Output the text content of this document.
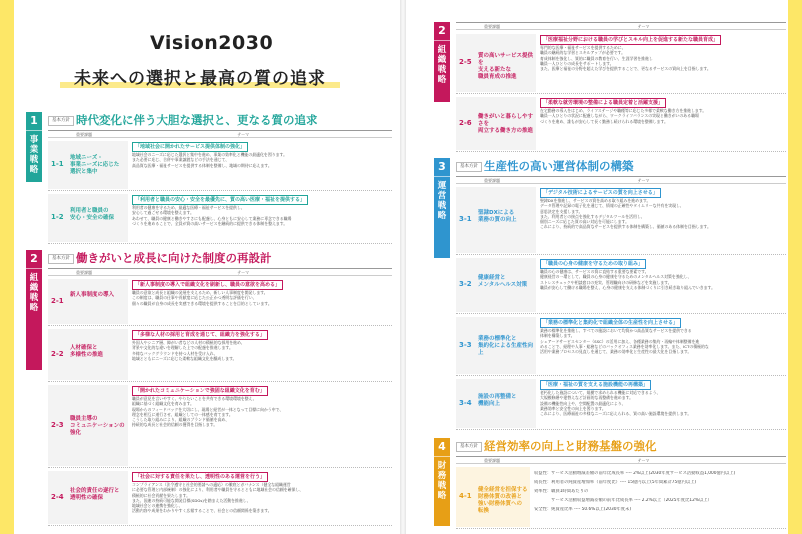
Vision2030
未来への選択と最高の質の追求
1
事業戦略
基本方針 時代変化に伴う大胆な選択と、更なる質の追求
重要課題	テーマ
1-1
地域ニーズ・
事業ニーズに応じた
選択と集中
「地域社会に開かれたサービス提供体制の強化」
地域社会のニーズに応じた選択と集中を進め、事業の効率化と機能の最適化を図ります。
また必要に応じ、合併や事業譲渡などの手法を通じて、
高品質な医療・福祉サービスを提供する体制を整備し、地域の期待に応えます。
1-2
利用者と職員の
安心・安全の確保
「利用者と職員の安心・安全を最優先に、質の高い医療・福祉を提供する」
利用者の健康を守るため、最適な医療・福祉サービスを提供し、
安心して過ごせる環境を整えます。
あわせて、職員の健康と働きやすさにも配慮し、心身ともに安心して業務に専念できる職場
づくりを進めることで、全員が質の高いサービスを継続的に提供できる体制を整えます。
2
組織戦略
基本方針 働きがいと成長に向けた制度の再設計
重要課題	テーマ
2-1
新人事制度の導入
「新人事制度の導入で組織文化を刷新し、職員の意欲を高める」
職員の意欲と成長と組織の発展を支えるため、新しい人事制度を開発します。
この制度は、職員の仕事や貢献度に応じた公正かつ透明な評価を行い、
個々の職員が自身の成長を実感できる環境を提供することを目的としています。
2-2
人材確保と
多様性の推進
「多様な人材の採用と育成を通じて、組織力を強化する」
外国人やシニア層、障がい者などの人材の積極的な採用を進め、
背景や文化的な違いを理解した上での配慮を推進します。
多様なバックグラウンドを持つ人材を受け入れ、
地域とともにニーズに応じた柔軟な組織文化を醸成します。
2-3
職員主導の
コミュニケーションの強化
「開かれたコミュニケーションで強固な組織文化を育む」
職員が意見を言いやすく、やりたいことを共有できる環境環境を整え、
組織に基づく組織文化を育みます。
現場からのフィードバックを大切にし、現場と経営が一体となって目標に向かう中で、
理念を相互に遂行させ、組織としての一体感を育てます。
こうした取り組みにより、組織のブランド価値を高め、
持続的な成長と社会的信頼の獲得を目指します。
2-4
社会的責任の遂行と
透明性の確保
「社会に対する責任を果たし、透明性のある運営を行う」
コンプライアンス（法令遵守と社会的要請への適応）の徹底とガバナンス（健全な組織運営
に必要な管理と内部統制）の強化により、利用者や職員を守るとともに地域社会の信頼を確保し、
積極的に社会貢献を果たします。
また、国連の持続可能な開発目標(SDGs)を踏まえた活動を推進し、
地域社会との連携を強化し、
活動内容や成果をわかりやすく広報することで、社会との信頼関係を築きます。
2
組織戦略
重要課題	テーマ
2-5
質の高いサービス提供を
支える新たな
職員育成の推進
「医療福祉分野における職員の学びとスキル向上を促進する新たな職員育成」
専門的な医療・福祉サービスを提供するために、
職員の継続的な学習とスキルアップが必要です。
育成体制を強化し、質的に職員の教育を行い、生涯学習を推進し
職員一人ひとりの成長をサポートします。
また、医療と福祉の分野を超えた学びを提供することで、更なるサービスの質向上を目指します。
2-6
働きがいと暮らしやすさを
両立する働き方の推進
「柔軟な就労環境の整備による職員定着と活躍支援」
在宅勤務の導入をはじめ、ライフステージや職種等に応じた多様で柔軟な働き方を推進します。
職員一人ひとりの状況に配慮しながら、ワークライフバランスの実現と働きがいのある職場
づくりを進め、誰もが安心して長く勤務し続けられる環境を整備します。
3
運営戦略
基本方針 生産性の高い運営体制の構築
重要課題	テーマ
3-1
聖隷DXによる
業務の質の向上
「デジタル技術によるサービスの質を向上させる」
聖隷DXを推進し、サービスの質を高める取り組みを進めます。
データ管理や記録の電子化を通じて、情報の正確性やタイムリーな共有を実現し、
意思決定を支援します。
また、利用者との接点を強化するデジタルツールを活用し、
個別ニーズに応じた質の高い対応を可能にします。
これにより、持続的で高品質なサービスを提供する体制を構築し、価値のある体制を目指します。
3-2
健康経営と
メンタルヘルス対策
「職員の心身の健康を守るための取り組み」
職員の心の健康は、サービスの質に直結する重要な要素です。
健康経営の一環として、職員の心身の健康を守るためのメンタルヘルス対策を強化し、
ストレスチェックや相談窓口の充実、管理職向けの研修などを実施します。
職員が安心して働ける職場を整え、心身の健康を支える体制づくりに引き続き取り組んでいきます。
3-3
業務の標準化と
集約化による生産性向上
「業務の標準化と集約化で組織全体の生産性を向上させる」
業務の標準化を推進し、すべての施設において均質かつ高品質なサービスを提供できる
体制を構築します。
シェアードサービスセンター（SSC）の活用に加え、各種業務の集約・再編や体制整備を進
めることで、経理や人事・総務などのバックオフィス業務を効率化します。また、ICTの積極的な
活用や業務プロセスの見直しを通じて、業務の効率化と生産性の最大化を目指します。
3-4
施設の再整備と
機能向上
「医療・福祉の質を支える施設機能の再構築」
老朽化した施設について、規模で求められる機能に対応できるよう、
大規模修繕や建替えなど計画的な再整備を進めます。
設備の機能性向上や、空間配置の最適化により、
業務効率と安全性の向上を図ります。
これにより、医療福祉の多様なニーズに応えられる、質の高い施設環境を提供します。
4
財務戦略
基本方針 経営効率の向上と財務基盤の強化
重要課題	テーマ
4-1
健全経営を担保する
財務体質の改善と
強い財務体質への
転換
収益性：サービス活動増減差額の前年比成長率 ---- 2%以上(2030年度サービス活動収益1,000億円以上)
成長性：利用者の純資産増加率（前年度比）---- 15億円以上(5年間累計75億円以上)
効率性：職員1時間あたりの
　　　　サービス活動収益増減差額の前年比成長率 ---- 2.2%以上（2025年度比12%以上）
安全性：純資産比率 ---- 50.6%以上(2030年度末)
